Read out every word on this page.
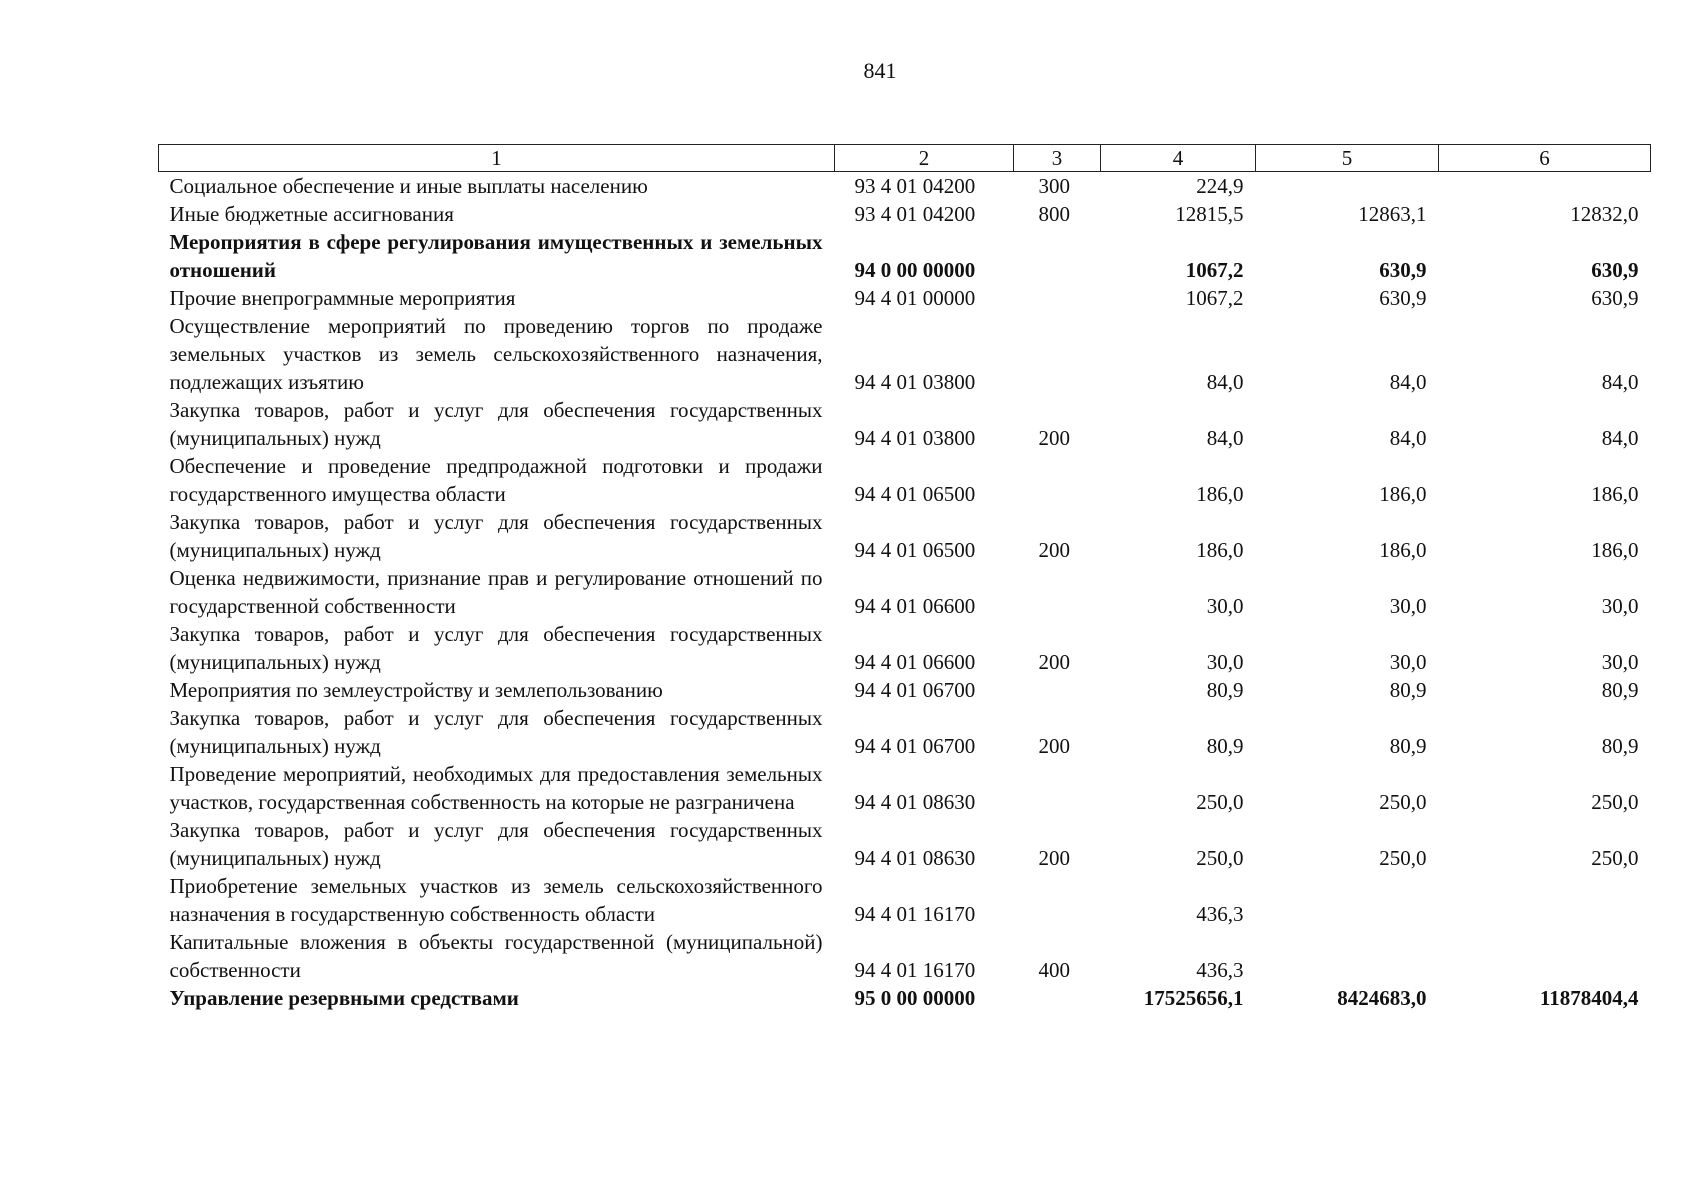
841
1	2	3	4	5	6
Социальное обеспечение и иные выплаты населению	93 4 01 04200	300	224,9		
Иные бюджетные ассигнования	93 4 01 04200	800	12815,5	12863,1	12832,0
Мероприятия в сфере регулирования имущественных и земельных отношений	94 0 00 00000		1067,2	630,9	630,9
Прочие внепрограммные мероприятия	94 4 01 00000		1067,2	630,9	630,9
Осуществление мероприятий по проведению торгов по продаже земельных участков из земель сельскохозяйственного назначения, подлежащих изъятию	94 4 01 03800		84,0	84,0	84,0
Закупка товаров, работ и услуг для обеспечения государственных (муниципальных) нужд	94 4 01 03800	200	84,0	84,0	84,0
Обеспечение и проведение предпродажной подготовки и продажи государственного имущества области	94 4 01 06500		186,0	186,0	186,0
Закупка товаров, работ и услуг для обеспечения государственных (муниципальных) нужд	94 4 01 06500	200	186,0	186,0	186,0
Оценка недвижимости, признание прав и регулирование отношений по государственной собственности	94 4 01 06600		30,0	30,0	30,0
Закупка товаров, работ и услуг для обеспечения государственных (муниципальных) нужд	94 4 01 06600	200	30,0	30,0	30,0
Мероприятия по землеустройству и землепользованию	94 4 01 06700		80,9	80,9	80,9
Закупка товаров, работ и услуг для обеспечения государственных (муниципальных) нужд	94 4 01 06700	200	80,9	80,9	80,9
Проведение мероприятий, необходимых для предоставления земельных участков, государственная собственность на которые не разграничена	94 4 01 08630		250,0	250,0	250,0
Закупка товаров, работ и услуг для обеспечения государственных (муниципальных) нужд	94 4 01 08630	200	250,0	250,0	250,0
Приобретение земельных участков из земель сельскохозяйственного назначения в государственную собственность области	94 4 01 16170		436,3		
Капитальные вложения в объекты государственной (муниципальной) собственности	94 4 01 16170	400	436,3		
Управление резервными средствами	95 0 00 00000		17525656,1	8424683,0	11878404,4
